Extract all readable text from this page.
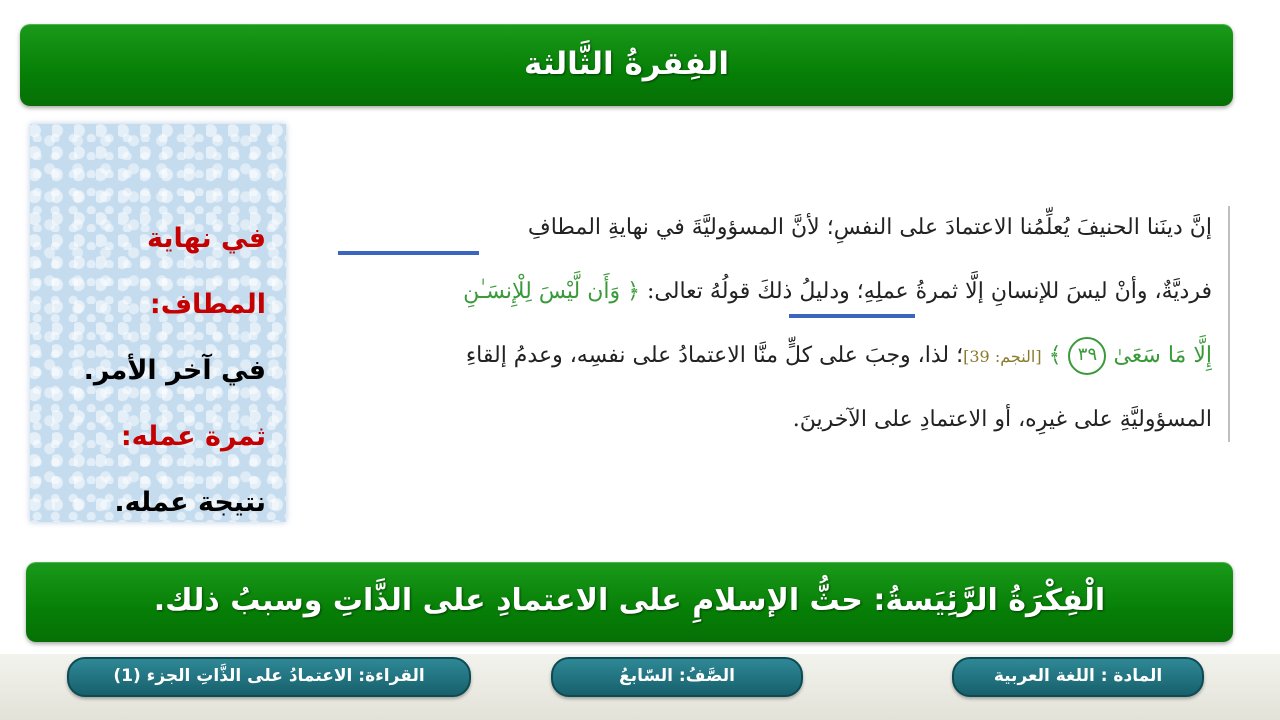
الفِقرةُ الثَّالثة
في نهاية المطاف:
في آخر الأمر.
ثمرة عمله: نتيجة عمله.
إنَّ دينَنا الحنيفَ يُعلِّمُنا الاعتمادَ على النفسِ؛ لأنَّ المسؤوليَّةَ في نهايةِ المطافِ
فرديَّةٌ، وأنْ ليسَ للإنسانِ إلَّا ثمرةُ عملِهِ؛ ودليلُ ذلكَ قولُهُ تعالى: ﴿ وَأَن لَّيْسَ لِلْإِنسَـٰنِ
إِلَّا مَا سَعَىٰ ٣٩ ﴾ [النجم: 39]؛ لذا، وجبَ على كلٍّ منَّا الاعتمادُ على نفسِه، وعدمُ إلقاءِ
المسؤوليَّةِ على غيرِه، أو الاعتمادِ على الآخرينَ.
الْفِكْرَةُ الرَّئِيَسةُ: حثُّ الإسلامِ على الاعتمادِ على الذَّاتِ وسببُ ذلك.
المادة : اللغة العربية
الصَّفُ: السّابعُ
القراءة: الاعتمادُ على الذَّاتِ الجزء (1)
